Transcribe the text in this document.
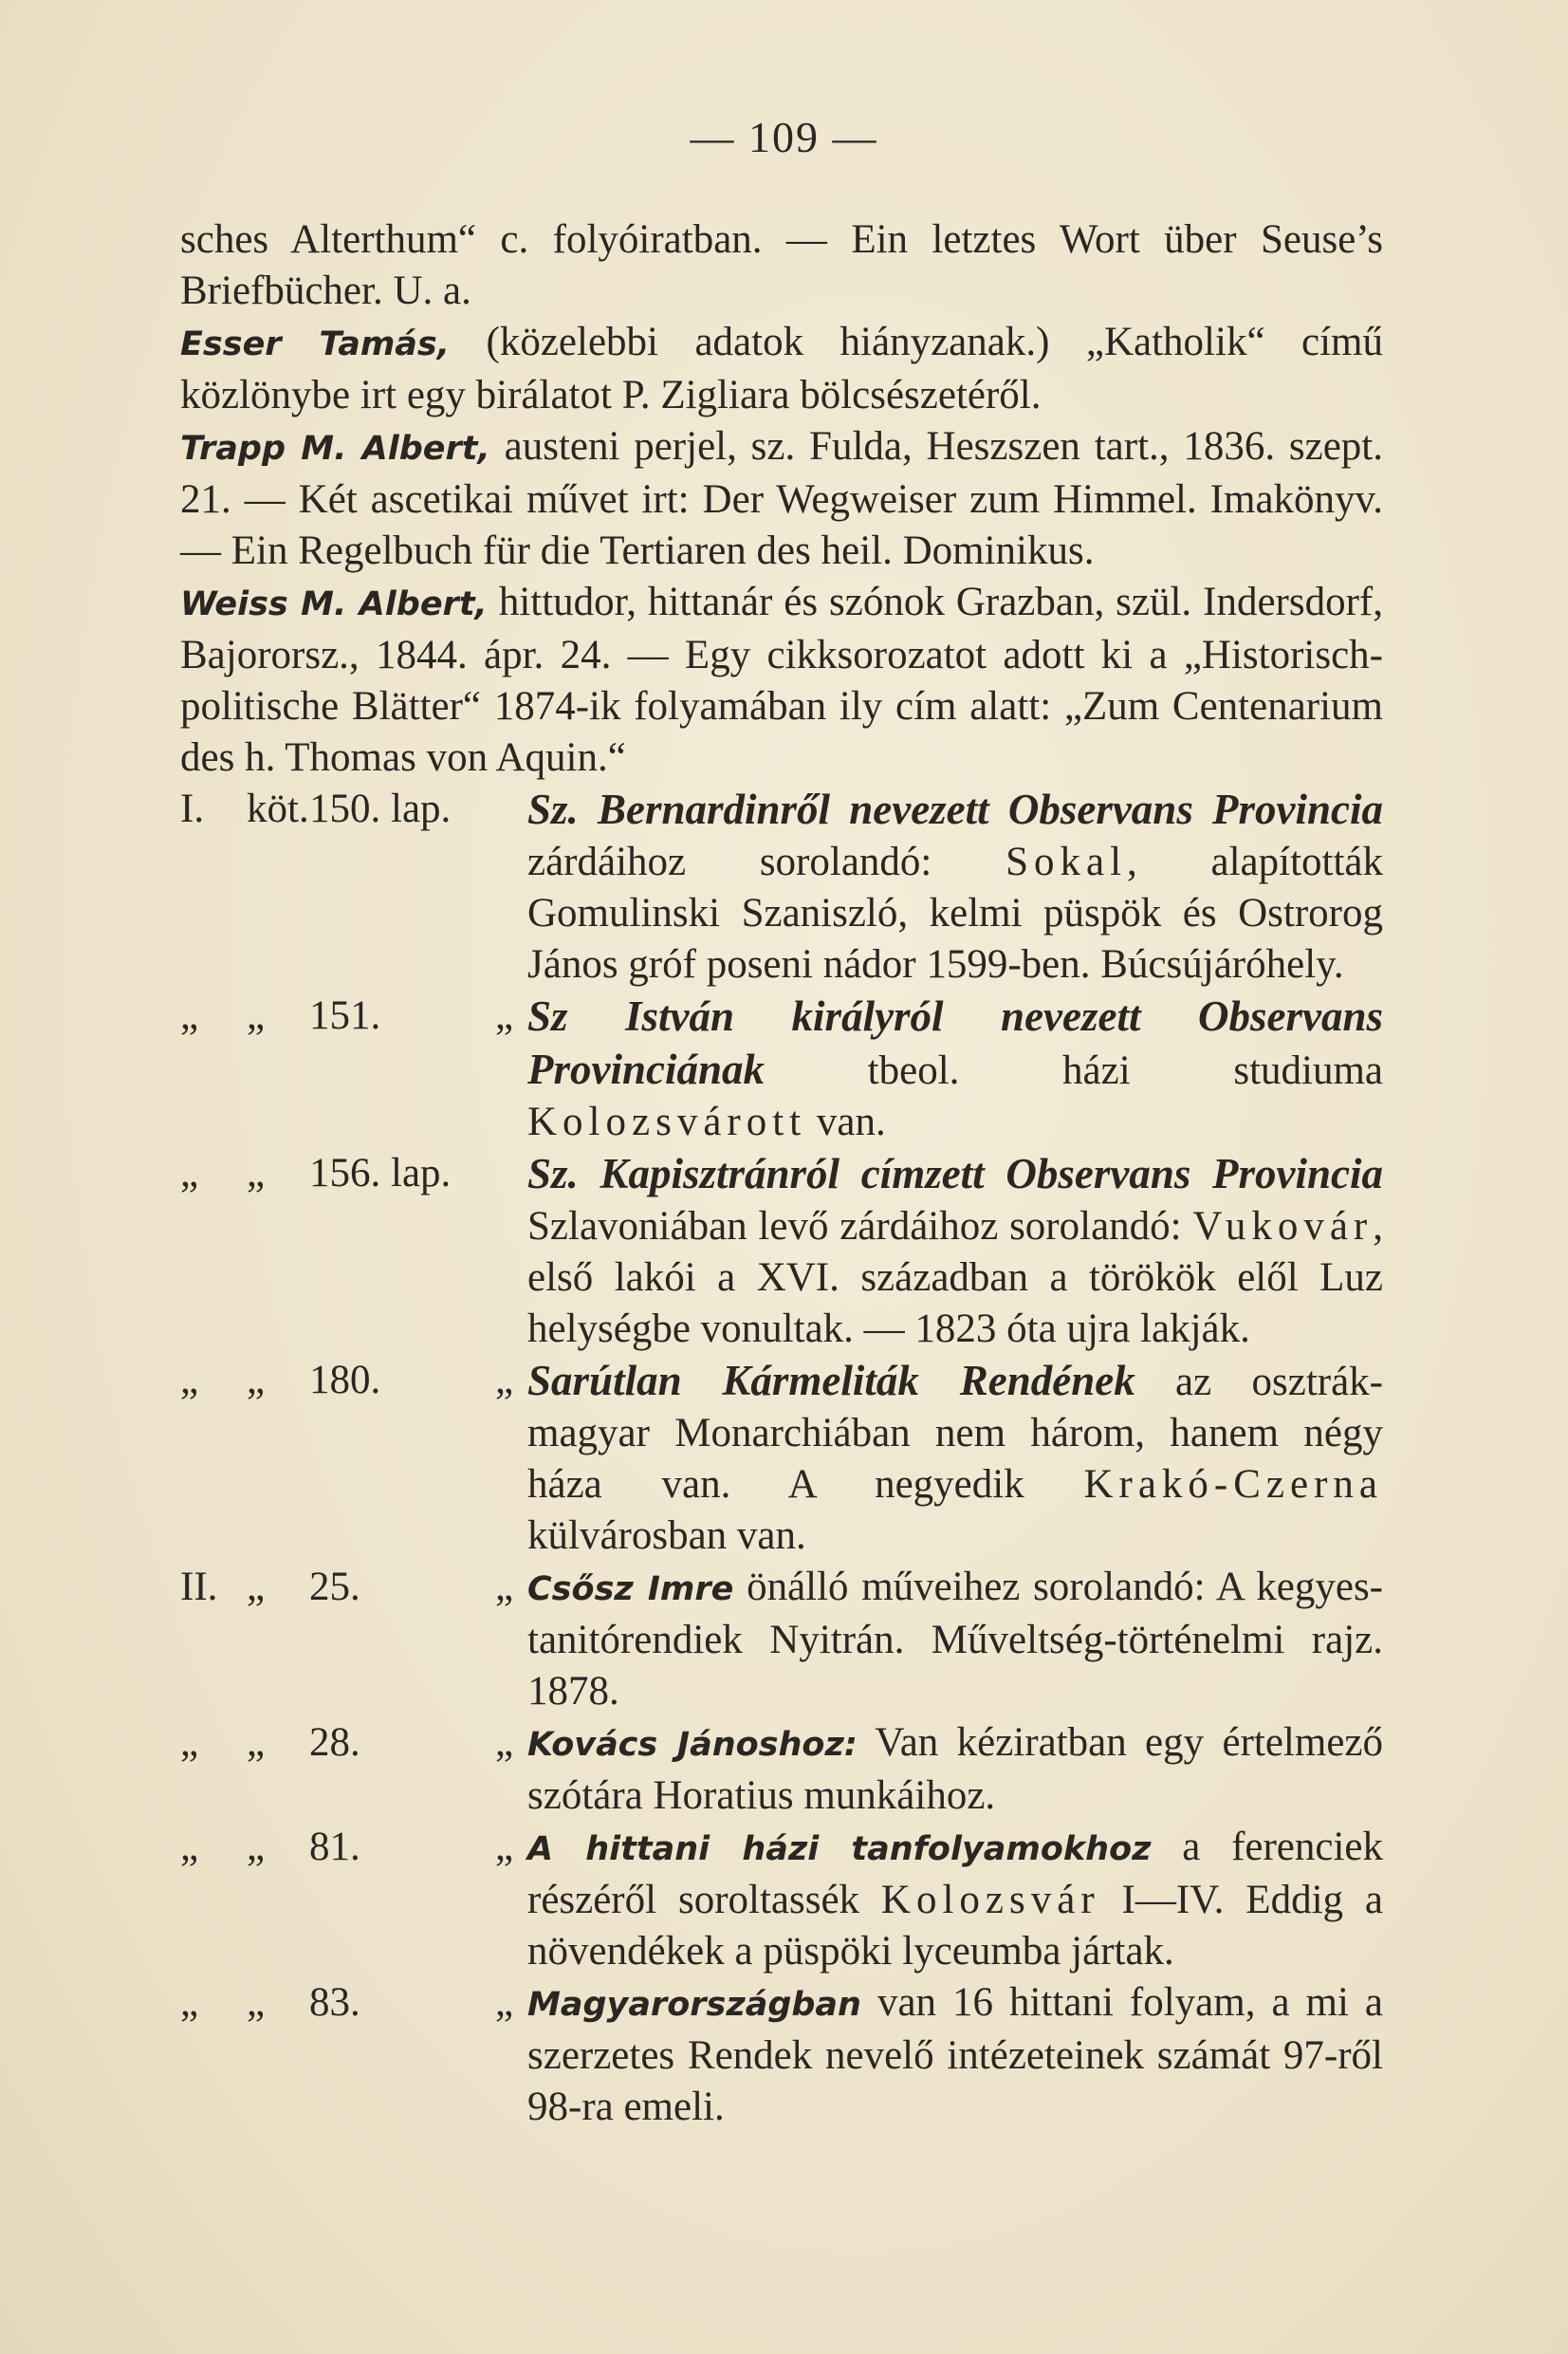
— 109 —
sches Alterthum“ c. folyóiratban. — Ein letztes Wort über Seuse’s Briefbücher. U. a.
Esser Tamás, (közelebbi adatok hiányzanak.) „Katholik“ című közlönybe irt egy birálatot P. Zigliara bölcsészetéről.
Trapp M. Albert, austeni perjel, sz. Fulda, Heszszen tart., 1836. szept. 21. — Két ascetikai művet irt: Der Wegweiser zum Himmel. Imakönyv. — Ein Regelbuch für die Tertiaren des heil. Dominikus.
Weiss M. Albert, hittudor, hittanár és szónok Grazban, szül. Indersdorf, Bajororsz., 1844. ápr. 24. — Egy cikksorozatot adott ki a „Historisch-politische Blätter“ 1874-ik folyamában ily cím alatt: „Zum Centenarium des h. Thomas von Aquin.“
I. köt. 150. lap. Sz. Bernardinről nevezett Observans Provincia zárdáihoz sorolandó: Sokal, alapították Gomulinski Szaniszló, kelmi püspök és Ostrorog János gróf poseni nádor 1599-ben. Búcsújáróhely.
„ „ 151.	„ Sz István királyról nevezett Observans Provinciának tbeol. házi studiuma Kolozsvárott van.
„ „ 156. lap. Sz. Kapisztránról címzett Observans Provincia Szlavoniában levő zárdáihoz sorolandó: Vukovár, első lakói a XVI. században a törökök elől Luz helységbe vonultak. — 1823 óta ujra lakják.
„ „ 180.	„ Sarútlan Kármeliták Rendének az osztrák-magyar Monarchiában nem három, hanem négy háza van. A negyedik Krakó-Czerna külvárosban van.
II. „ 25.	„ Csősz Imre önálló műveihez sorolandó: A kegyes-tanitórendiek Nyitrán. Műveltség-történelmi rajz. 1878.
„ „ 28.	„ Kovács Jánoshoz: Van kéziratban egy értelmező szótára Horatius munkáihoz.
„ „ 81.	„ A hittani házi tanfolyamokhoz a ferenciek részéről soroltassék Kolozsvár I—IV. Eddig a növendékek a püspöki lyceumba jártak.
„ „ 83.	„ Magyarországban van 16 hittani folyam, a mi a szerzetes Rendek nevelő intézeteinek számát 97-ről 98-ra emeli.
